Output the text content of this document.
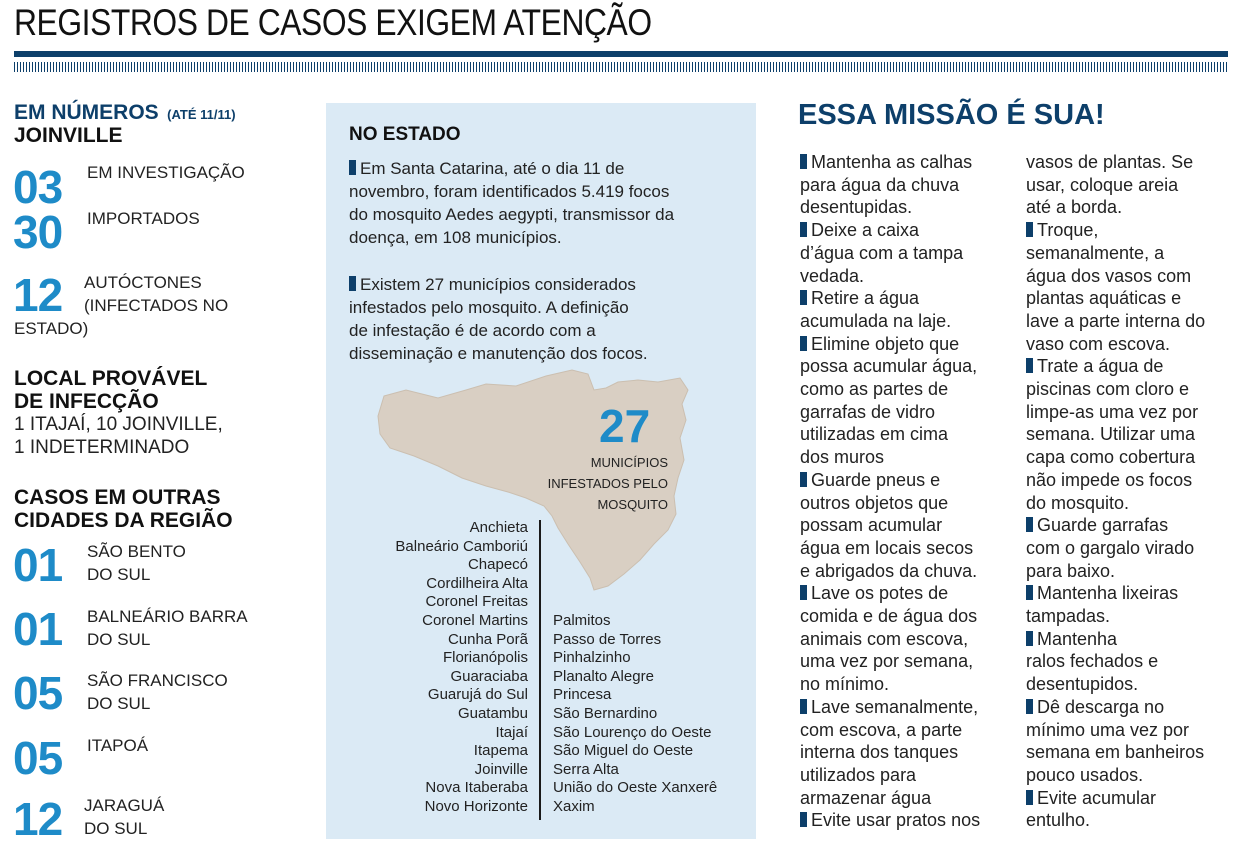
REGISTROS DE CASOS EXIGEM ATENÇÃO
EM NÚMEROS (ATÉ 11/11)
JOINVILLE
03 EM INVESTIGAÇÃO
30 IMPORTADOS
12 AUTÓCTONES
(INFECTADOS NO
ESTADO)
LOCAL PROVÁVEL
DE INFECÇÃO
1 ITAJAÍ, 10 JOINVILLE,
1 INDETERMINADO
CASOS EM OUTRAS
CIDADES DA REGIÃO
01 SÃO BENTO
DO SUL
01 BALNEÁRIO BARRA
DO SUL
05 SÃO FRANCISCO
DO SUL
05 ITAPOÁ
12 JARAGUÁ
DO SUL
NO ESTADO
Em Santa Catarina, até o dia 11 de
novembro, foram identificados 5.419 focos
do mosquito Aedes aegypti, transmissor da
doença, em 108 municípios.
Existem 27 municípios considerados
infestados pelo mosquito. A definição
de infestação é de acordo com a
disseminação e manutenção dos focos.
27
MUNICÍPIOS
INFESTADOS PELO
MOSQUITO
Anchieta
Balneário Camboriú
Chapecó
Cordilheira Alta
Coronel Freitas
Coronel Martins
Cunha Porã
Florianópolis
Guaraciaba
Guarujá do Sul
Guatambu
Itajaí
Itapema
Joinville
Nova Itaberaba
Novo Horizonte
Palmitos
Passo de Torres
Pinhalzinho
Planalto Alegre
Princesa
São Bernardino
São Lourenço do Oeste
São Miguel do Oeste
Serra Alta
União do Oeste Xanxerê
Xaxim
ESSA MISSÃO É SUA!
Mantenha as calhas
para água da chuva
desentupidas.
Deixe a caixa
d’água com a tampa
vedada.
Retire a água
acumulada na laje.
Elimine objeto que
possa acumular água,
como as partes de
garrafas de vidro
utilizadas em cima
dos muros
Guarde pneus e
outros objetos que
possam acumular
água em locais secos
e abrigados da chuva.
Lave os potes de
comida e de água dos
animais com escova,
uma vez por semana,
no mínimo.
Lave semanalmente,
com escova, a parte
interna dos tanques
utilizados para
armazenar água
Evite usar pratos nos
vasos de plantas. Se
usar, coloque areia
até a borda.
Troque,
semanalmente, a
água dos vasos com
plantas aquáticas e
lave a parte interna do
vaso com escova.
Trate a água de
piscinas com cloro e
limpe-as uma vez por
semana. Utilizar uma
capa como cobertura
não impede os focos
do mosquito.
Guarde garrafas
com o gargalo virado
para baixo.
Mantenha lixeiras
tampadas.
Mantenha
ralos fechados e
desentupidos.
Dê descarga no
mínimo uma vez por
semana em banheiros
pouco usados.
Evite acumular
entulho.
